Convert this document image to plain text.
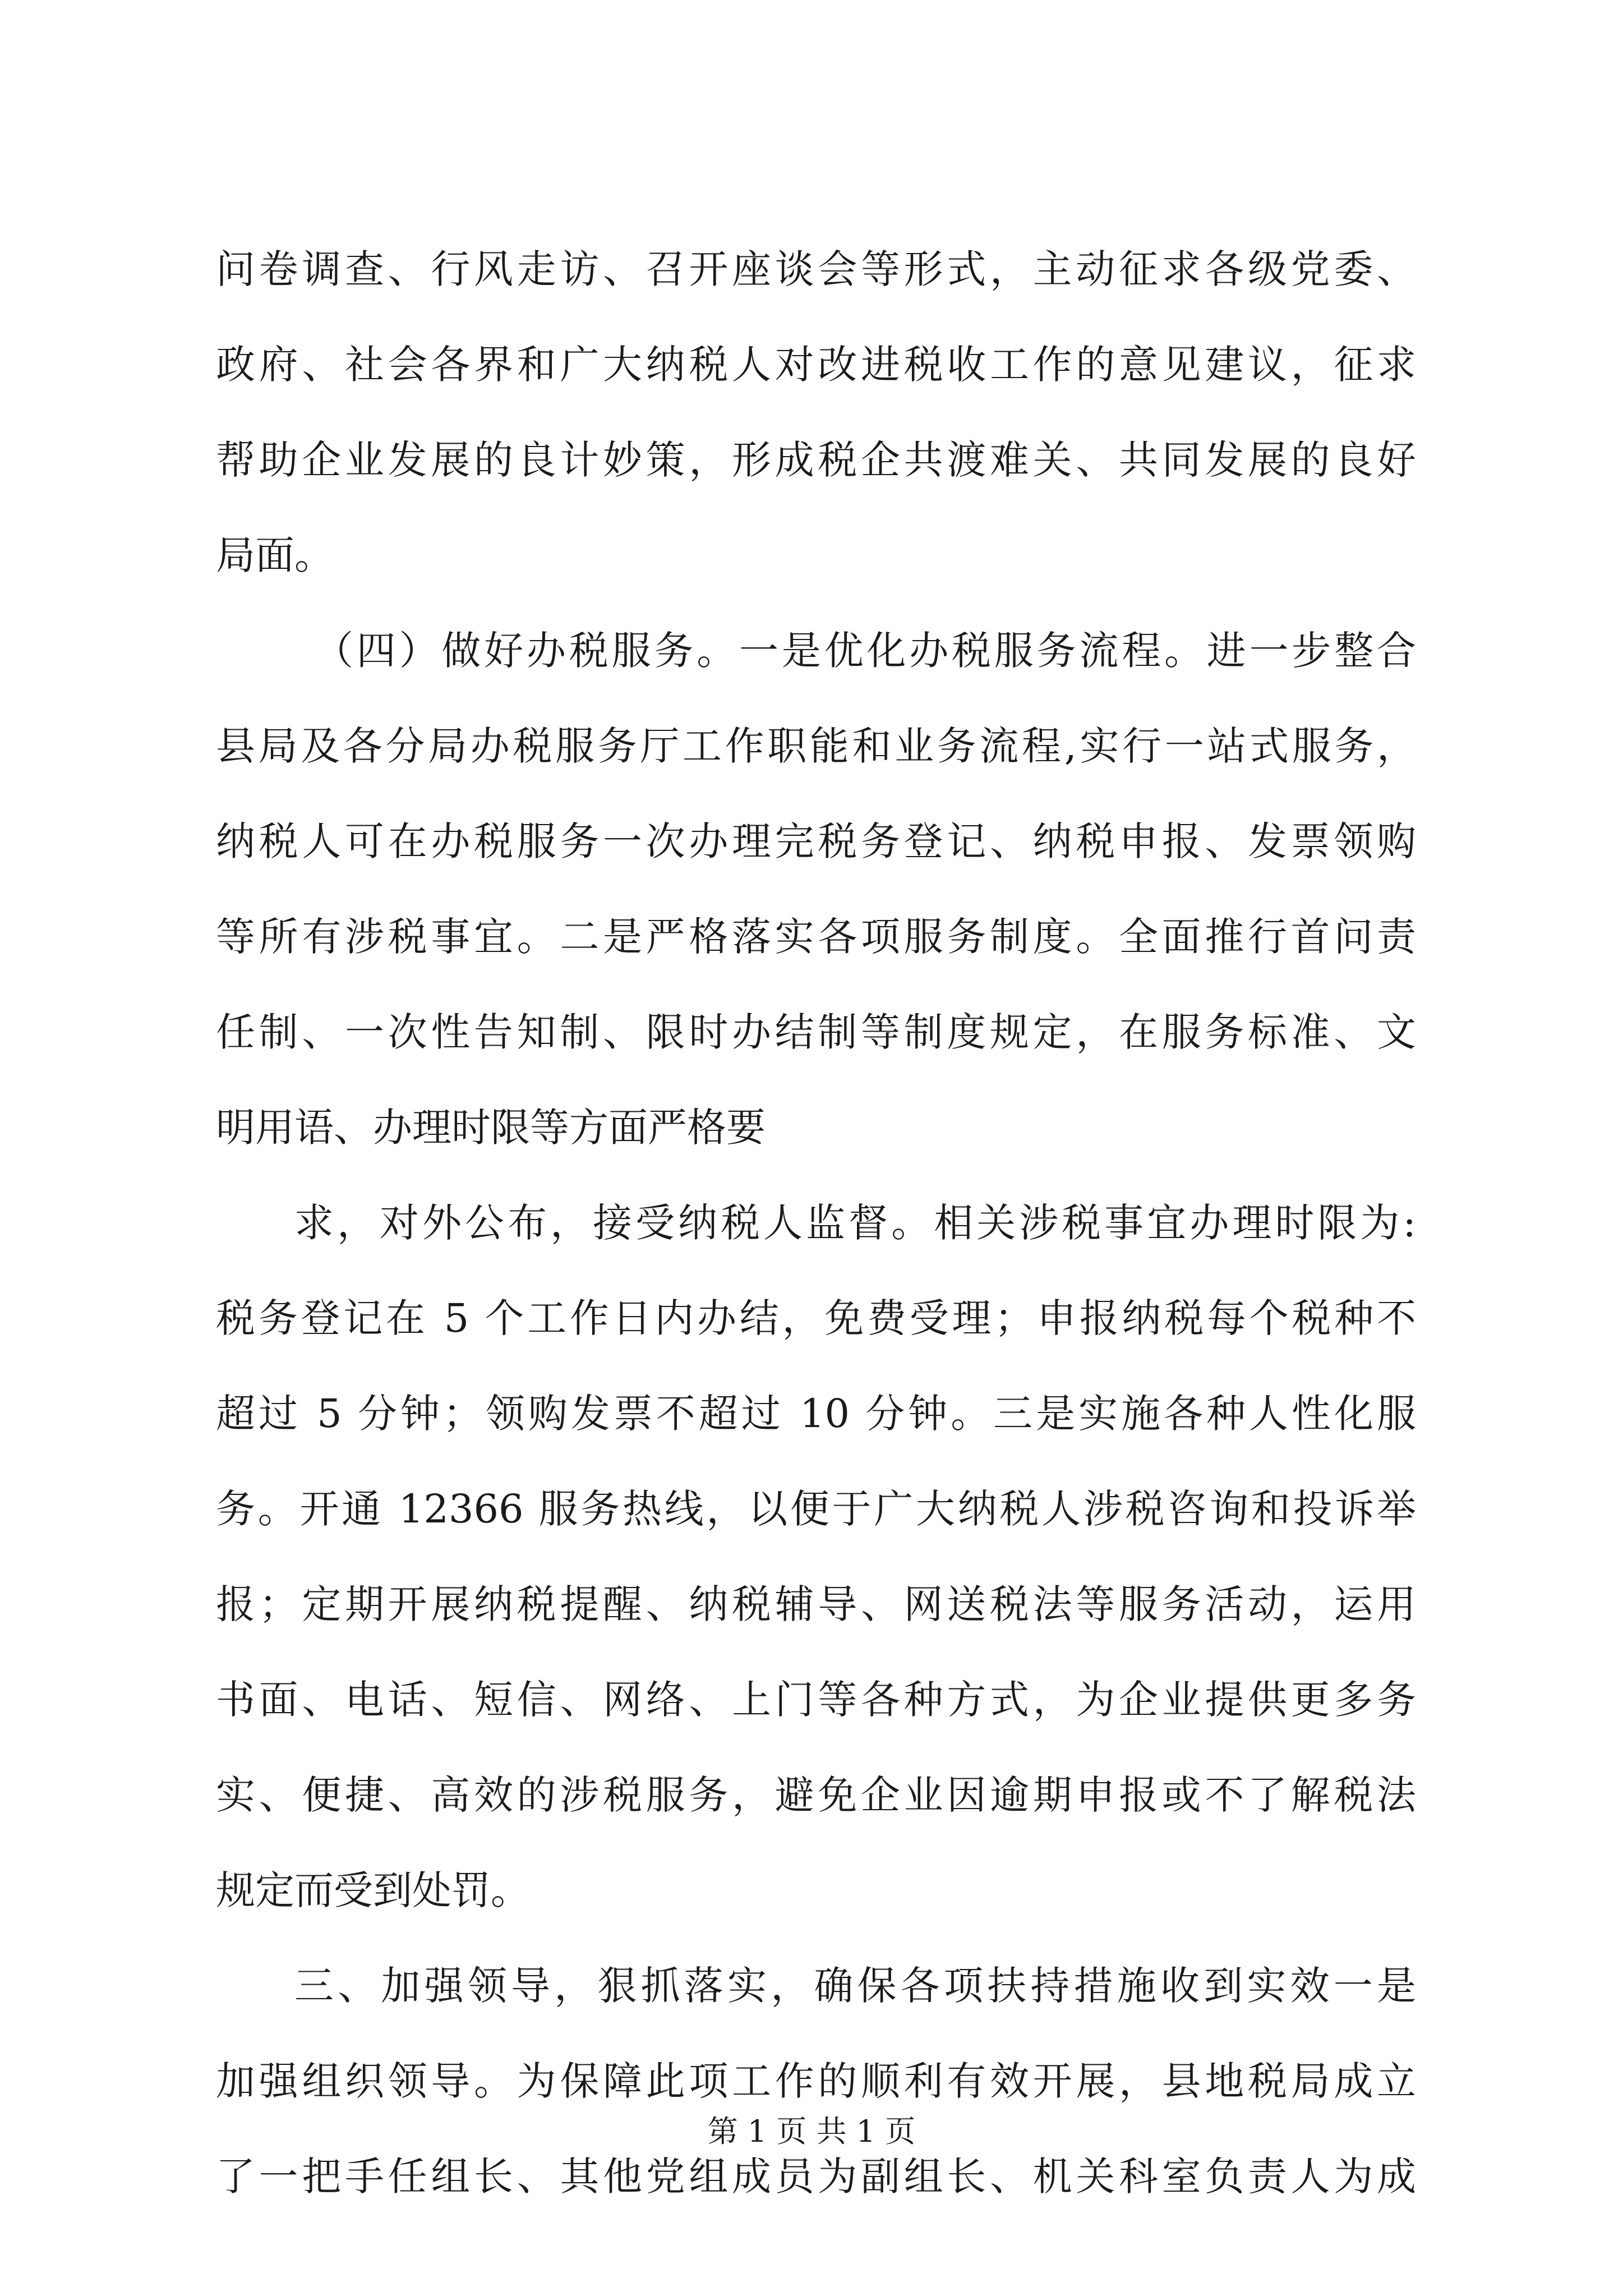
问卷调查、行风走访、召开座谈会等形式，主动征求各级党委、
政府、社会各界和广大纳税人对改进税收工作的意见建议，征求
帮助企业发展的良计妙策，形成税企共渡难关、共同发展的良好
局面。
（四）做好办税服务。一是优化办税服务流程。进一步整合
县局及各分局办税服务厅工作职能和业务流程,实行一站式服务，
纳税人可在办税服务一次办理完税务登记、纳税申报、发票领购
等所有涉税事宜。二是严格落实各项服务制度。全面推行首问责
任制、一次性告知制、限时办结制等制度规定，在服务标准、文
明用语、办理时限等方面严格要
求，对外公布，接受纳税人监督。相关涉税事宜办理时限为:
税务登记在 5 个工作日内办结，免费受理；申报纳税每个税种不
超过 5 分钟；领购发票不超过 10 分钟。三是实施各种人性化服
务。开通 12366 服务热线，以便于广大纳税人涉税咨询和投诉举
报；定期开展纳税提醒、纳税辅导、网送税法等服务活动，运用
书面、电话、短信、网络、上门等各种方式，为企业提供更多务
实、便捷、高效的涉税服务，避免企业因逾期申报或不了解税法
规定而受到处罚。
三、加强领导，狠抓落实，确保各项扶持措施收到实效一是
加强组织领导。为保障此项工作的顺利有效开展，县地税局成立
了一把手任组长、其他党组成员为副组长、机关科室负责人为成
第 1 页 共 1 页
